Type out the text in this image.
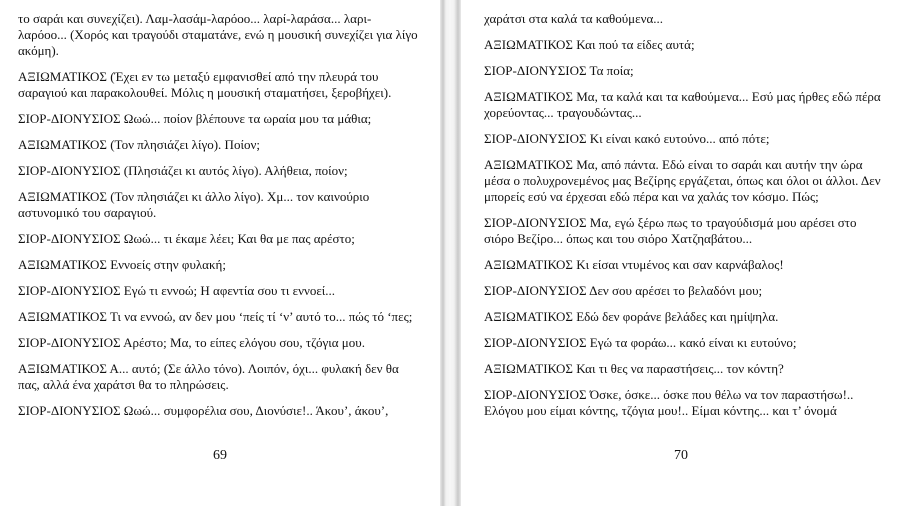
το σαράι και συνεχίζει). Λαμ-λασάμ-λαρόοο... λαρί-λαράσα... λαρι-λαρόοο... (Χορός και τραγούδι σταματάνε, ενώ η μουσική συνεχίζει για λίγο ακόμη).

ΑΞΙΩΜΑΤΙΚΟΣ (Έχει εν τω μεταξύ εμφανισθεί από την πλευρά του σαραγιού και παρακολουθεί. Μόλις η μουσική σταματήσει, ξεροβήχει).

ΣΙΟΡ-ΔΙΟΝΥΣΙΟΣ Ωωώ... ποίον βλέπουνε τα ωραία μου τα μάθια;

ΑΞΙΩΜΑΤΙΚΟΣ (Τον πλησιάζει λίγο). Ποίον;

ΣΙΟΡ-ΔΙΟΝΥΣΙΟΣ (Πλησιάζει κι αυτός λίγο). Αλήθεια, ποίον;

ΑΞΙΩΜΑΤΙΚΟΣ (Τον πλησιάζει κι άλλο λίγο). Χμ... τον καινούριο αστυνομικό του σαραγιού.

ΣΙΟΡ-ΔΙΟΝΥΣΙΟΣ Ωωώ... τι έκαμε λέει; Και θα με πας αρέστο;

ΑΞΙΩΜΑΤΙΚΟΣ Εννοείς στην φυλακή;

ΣΙΟΡ-ΔΙΟΝΥΣΙΟΣ Εγώ τι εννοώ; Η αφεντία σου τι εννοεί...

ΑΞΙΩΜΑΤΙΚΟΣ Τι να εννοώ, αν δεν μου ‘πείς τί ‘ν’ αυτό το... πώς τό ‘πες;

ΣΙΟΡ-ΔΙΟΝΥΣΙΟΣ Αρέστο; Μα, το είπες ελόγου σου, τζόγια μου.

ΑΞΙΩΜΑΤΙΚΟΣ Α... αυτό; (Σε άλλο τόνο). Λοιπόν, όχι... φυλακή δεν θα πας, αλλά ένα χαράτσι θα το πληρώσεις.

ΣΙΟΡ-ΔΙΟΝΥΣΙΟΣ Ωωώ... συμφορέλια σου, Διονύσιε!.. Άκου’, άκου’,

69

χαράτσι στα καλά τα καθούμενα...

ΑΞΙΩΜΑΤΙΚΟΣ Και πού τα είδες αυτά;

ΣΙΟΡ-ΔΙΟΝΥΣΙΟΣ Τα ποία;

ΑΞΙΩΜΑΤΙΚΟΣ Μα, τα καλά και τα καθούμενα... Εσύ μας ήρθες εδώ πέρα χορεύοντας... τραγουδώντας...

ΣΙΟΡ-ΔΙΟΝΥΣΙΟΣ Κι είναι κακό ευτούνο... από πότε;

ΑΞΙΩΜΑΤΙΚΟΣ Μα, από πάντα. Εδώ είναι το σαράι και αυτήν την ώρα μέσα ο πολυχρονεμένος μας Βεζίρης εργάζεται, όπως και όλοι οι άλλοι. Δεν μπορείς εσύ να έρχεσαι εδώ πέρα και να χαλάς τον κόσμο. Πώς;

ΣΙΟΡ-ΔΙΟΝΥΣΙΟΣ Μα, εγώ ξέρω πως το τραγούδισμά μου αρέσει στο σιόρο Βεζίρο... όπως και του σιόρο Χατζηαβάτου...

ΑΞΙΩΜΑΤΙΚΟΣ Κι είσαι ντυμένος και σαν καρνάβαλος!

ΣΙΟΡ-ΔΙΟΝΥΣΙΟΣ Δεν σου αρέσει το βελαδόνι μου;

ΑΞΙΩΜΑΤΙΚΟΣ Εδώ δεν φοράνε βελάδες και ημίψηλα.

ΣΙΟΡ-ΔΙΟΝΥΣΙΟΣ Εγώ τα φοράω... κακό είναι κι ευτούνο;

ΑΞΙΩΜΑΤΙΚΟΣ Και τι θες να παραστήσεις... τον κόντη?

ΣΙΟΡ-ΔΙΟΝΥΣΙΟΣ Όσκε, όσκε... όσκε που θέλω να τον παραστήσω!.. Ελόγου μου είμαι κόντης, τζόγια μου!.. Είμαι κόντης... και τ’ όνομά

70
